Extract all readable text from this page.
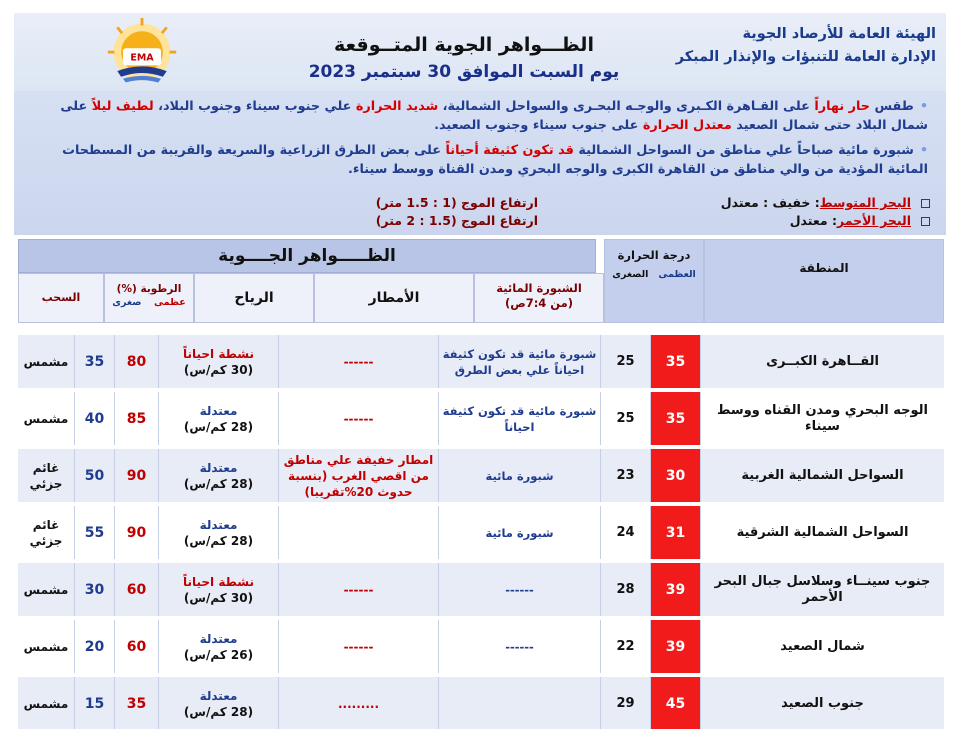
الهيئة العامة للأرصاد الجوية
الإدارة العامة للتنبؤات والإنذار المبكر
الظـــواهر الجوية المتــوقعة
يوم السبت الموافق 30 سبتمبر 2023
EMA
•طقس حار نهاراً على القـاهرة الكـبرى والوجـه البحـرى والسواحل الشمالية، شديد الحرارة علي جنوب سيناء وجنوب البلاد، لطيف ليلاً على شمال البلاد حتى شمال الصعيد معتدل الحرارة على جنوب سيناء وجنوب الصعيد.
•شبورة مائية صباحاً علي مناطق من السواحل الشمالية قد تكون كثيفة أحياناً على بعض الطرق الزراعية والسريعة والقريبة من المسطحات المائية المؤدية من والي مناطق من القاهرة الكبرى والوجه البحري ومدن القناة ووسط سيناء.
البحر المتوسط: خفيف : معتدل
البحر الأحمر: معتدل
ارتفاع الموج (1 : 1.5 متر)
ارتفاع الموج (1.5 : 2 متر)
الظـــــواهر الجــــوية
المنطقة
درجة الحرارة
العظمى   الصغرى
الشبورة المائية
(من 7:4ص)
الأمطار
الرياح
الرطوبة (%)
عظمى    صغرى
السحب
القــاهرة الكبــرى
35
25
شبورة مائية قد تكون كثيفة احياناً علي بعض الطرق
------
80
35
مشمس
نشطة احياناً
(30 كم/س)
الوجه البحري ومدن القناه ووسط سيناء
35
25
شبورة مائية قد تكون كثيفة احياناً
------
85
40
مشمس
معتدلة
(28 كم/س)
السواحل الشمالية الغربية
30
23
شبورة مائية
امطار خفيفة علي مناطق من اقصي الغرب (بنسبة حدوث 20%تقريبا)
90
50
غائم جزئي
معتدلة
(28 كم/س)
السواحل الشمالية الشرقية
31
24
شبورة مائية
90
55
غائم جزئي
معتدلة
(28 كم/س)
جنوب سينــاء وسلاسل جبال البحر الأحمر
39
28
------
------
60
30
مشمس
نشطة احياناً
(30 كم/س)
شمال الصعيد
39
22
------
------
60
20
مشمس
معتدلة
(26 كم/س)
جنوب الصعيد
45
29
.........
35
15
مشمس
معتدلة
(28 كم/س)
